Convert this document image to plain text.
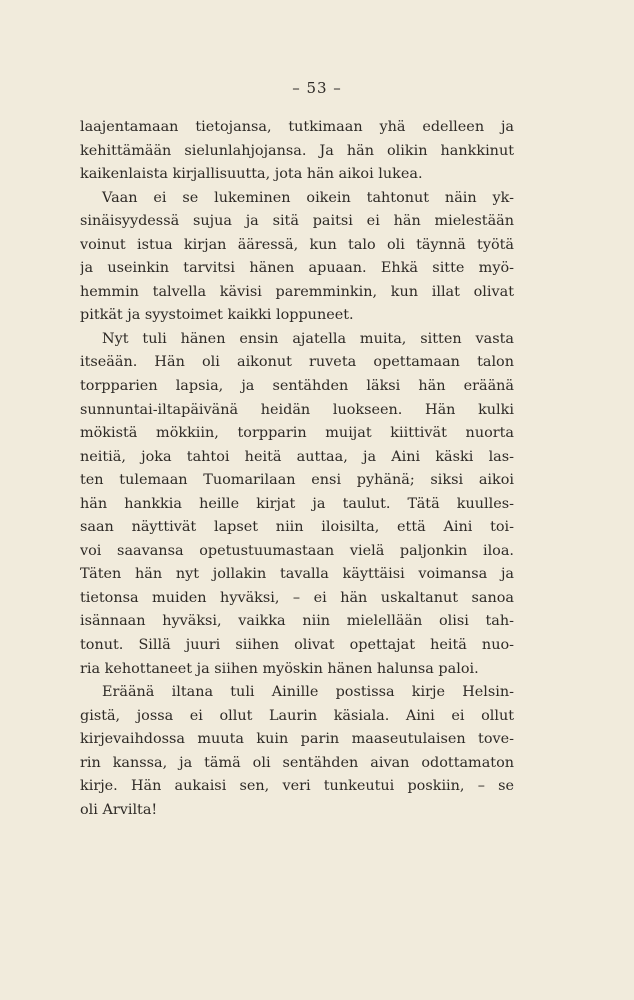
– 53 –
laajentamaan tietojansa, tutkimaan yhä edelleen ja
kehittämään sielunlahjojansa. Ja hän olikin hankkinut
kaikenlaista kirjallisuutta, jota hän aikoi lukea.
Vaan ei se lukeminen oikein tahtonut näin yk-
sinäisyydessä sujua ja sitä paitsi ei hän mielestään
voinut istua kirjan ääressä, kun talo oli täynnä työtä
ja useinkin tarvitsi hänen apuaan. Ehkä sitte myö-
hemmin talvella kävisi paremminkin, kun illat olivat
pitkät ja syystoimet kaikki loppuneet.
Nyt tuli hänen ensin ajatella muita, sitten vasta
itseään. Hän oli aikonut ruveta opettamaan talon
torpparien lapsia, ja sentähden läksi hän eräänä
sunnuntai-iltapäivänä heidän luokseen. Hän kulki
mökistä mökkiin, torpparin muijat kiittivät nuorta
neitiä, joka tahtoi heitä auttaa, ja Aini käski las-
ten tulemaan Tuomarilaan ensi pyhänä; siksi aikoi
hän hankkia heille kirjat ja taulut. Tätä kuulles-
saan näyttivät lapset niin iloisilta, että Aini toi-
voi saavansa opetustuumastaan vielä paljonkin iloa.
Täten hän nyt jollakin tavalla käyttäisi voimansa ja
tietonsa muiden hyväksi, – ei hän uskaltanut sanoa
isännaan hyväksi, vaikka niin mielellään olisi tah-
tonut. Sillä juuri siihen olivat opettajat heitä nuo-
ria kehottaneet ja siihen myöskin hänen halunsa paloi.
Eräänä iltana tuli Ainille postissa kirje Helsin-
gistä, jossa ei ollut Laurin käsiala. Aini ei ollut
kirjevaihdossa muuta kuin parin maaseutulaisen tove-
rin kanssa, ja tämä oli sentähden aivan odottamaton
kirje. Hän aukaisi sen, veri tunkeutui poskiin, – se
oli Arvilta!
